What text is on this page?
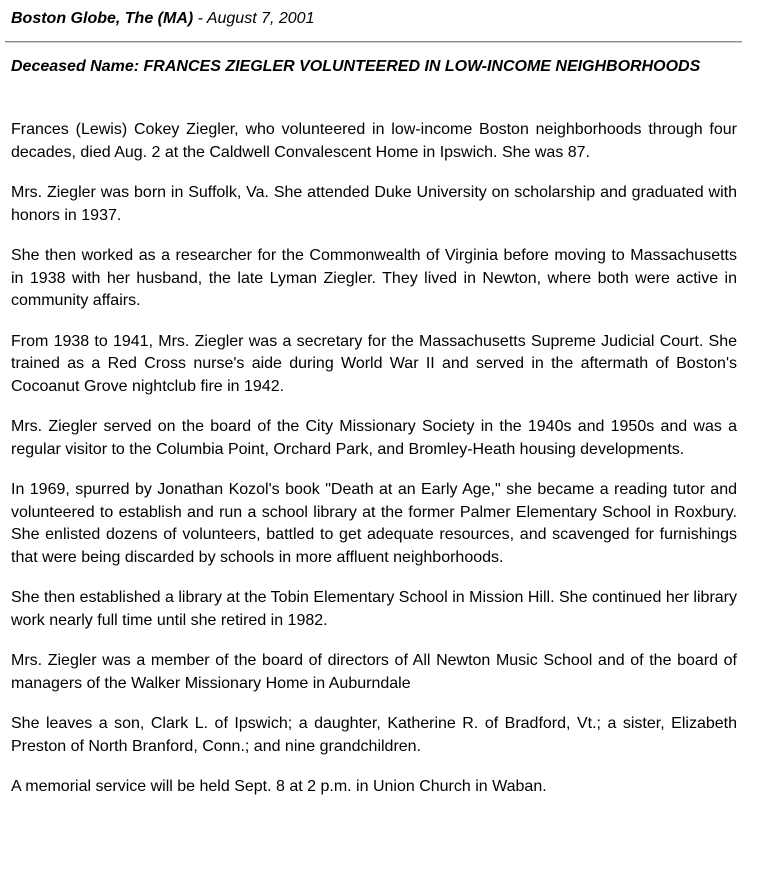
Boston Globe, The (MA) - August 7, 2001
Deceased Name: FRANCES ZIEGLER VOLUNTEERED IN LOW-INCOME NEIGHBORHOODS

Frances (Lewis) Cokey Ziegler, who volunteered in low-income Boston neighborhoods through four decades, died Aug. 2 at the Caldwell Convalescent Home in Ipswich. She was 87.

Mrs. Ziegler was born in Suffolk, Va. She attended Duke University on scholarship and graduated with honors in 1937.

She then worked as a researcher for the Commonwealth of Virginia before moving to Massachusetts in 1938 with her husband, the late Lyman Ziegler. They lived in Newton, where both were active in community affairs.

From 1938 to 1941, Mrs. Ziegler was a secretary for the Massachusetts Supreme Judicial Court. She trained as a Red Cross nurse's aide during World War II and served in the aftermath of Boston's Cocoanut Grove nightclub fire in 1942.

Mrs. Ziegler served on the board of the City Missionary Society in the 1940s and 1950s and was a regular visitor to the Columbia Point, Orchard Park, and Bromley-Heath housing developments.

In 1969, spurred by Jonathan Kozol's book "Death at an Early Age," she became a reading tutor and volunteered to establish and run a school library at the former Palmer Elementary School in Roxbury. She enlisted dozens of volunteers, battled to get adequate resources, and scavenged for furnishings that were being discarded by schools in more affluent neighborhoods.

She then established a library at the Tobin Elementary School in Mission Hill. She continued her library work nearly full time until she retired in 1982.

Mrs. Ziegler was a member of the board of directors of All Newton Music School and of the board of managers of the Walker Missionary Home in Auburndale

She leaves a son, Clark L. of Ipswich; a daughter, Katherine R. of Bradford, Vt.; a sister, Elizabeth Preston of North Branford, Conn.; and nine grandchildren.

A memorial service will be held Sept. 8 at 2 p.m. in Union Church in Waban.
